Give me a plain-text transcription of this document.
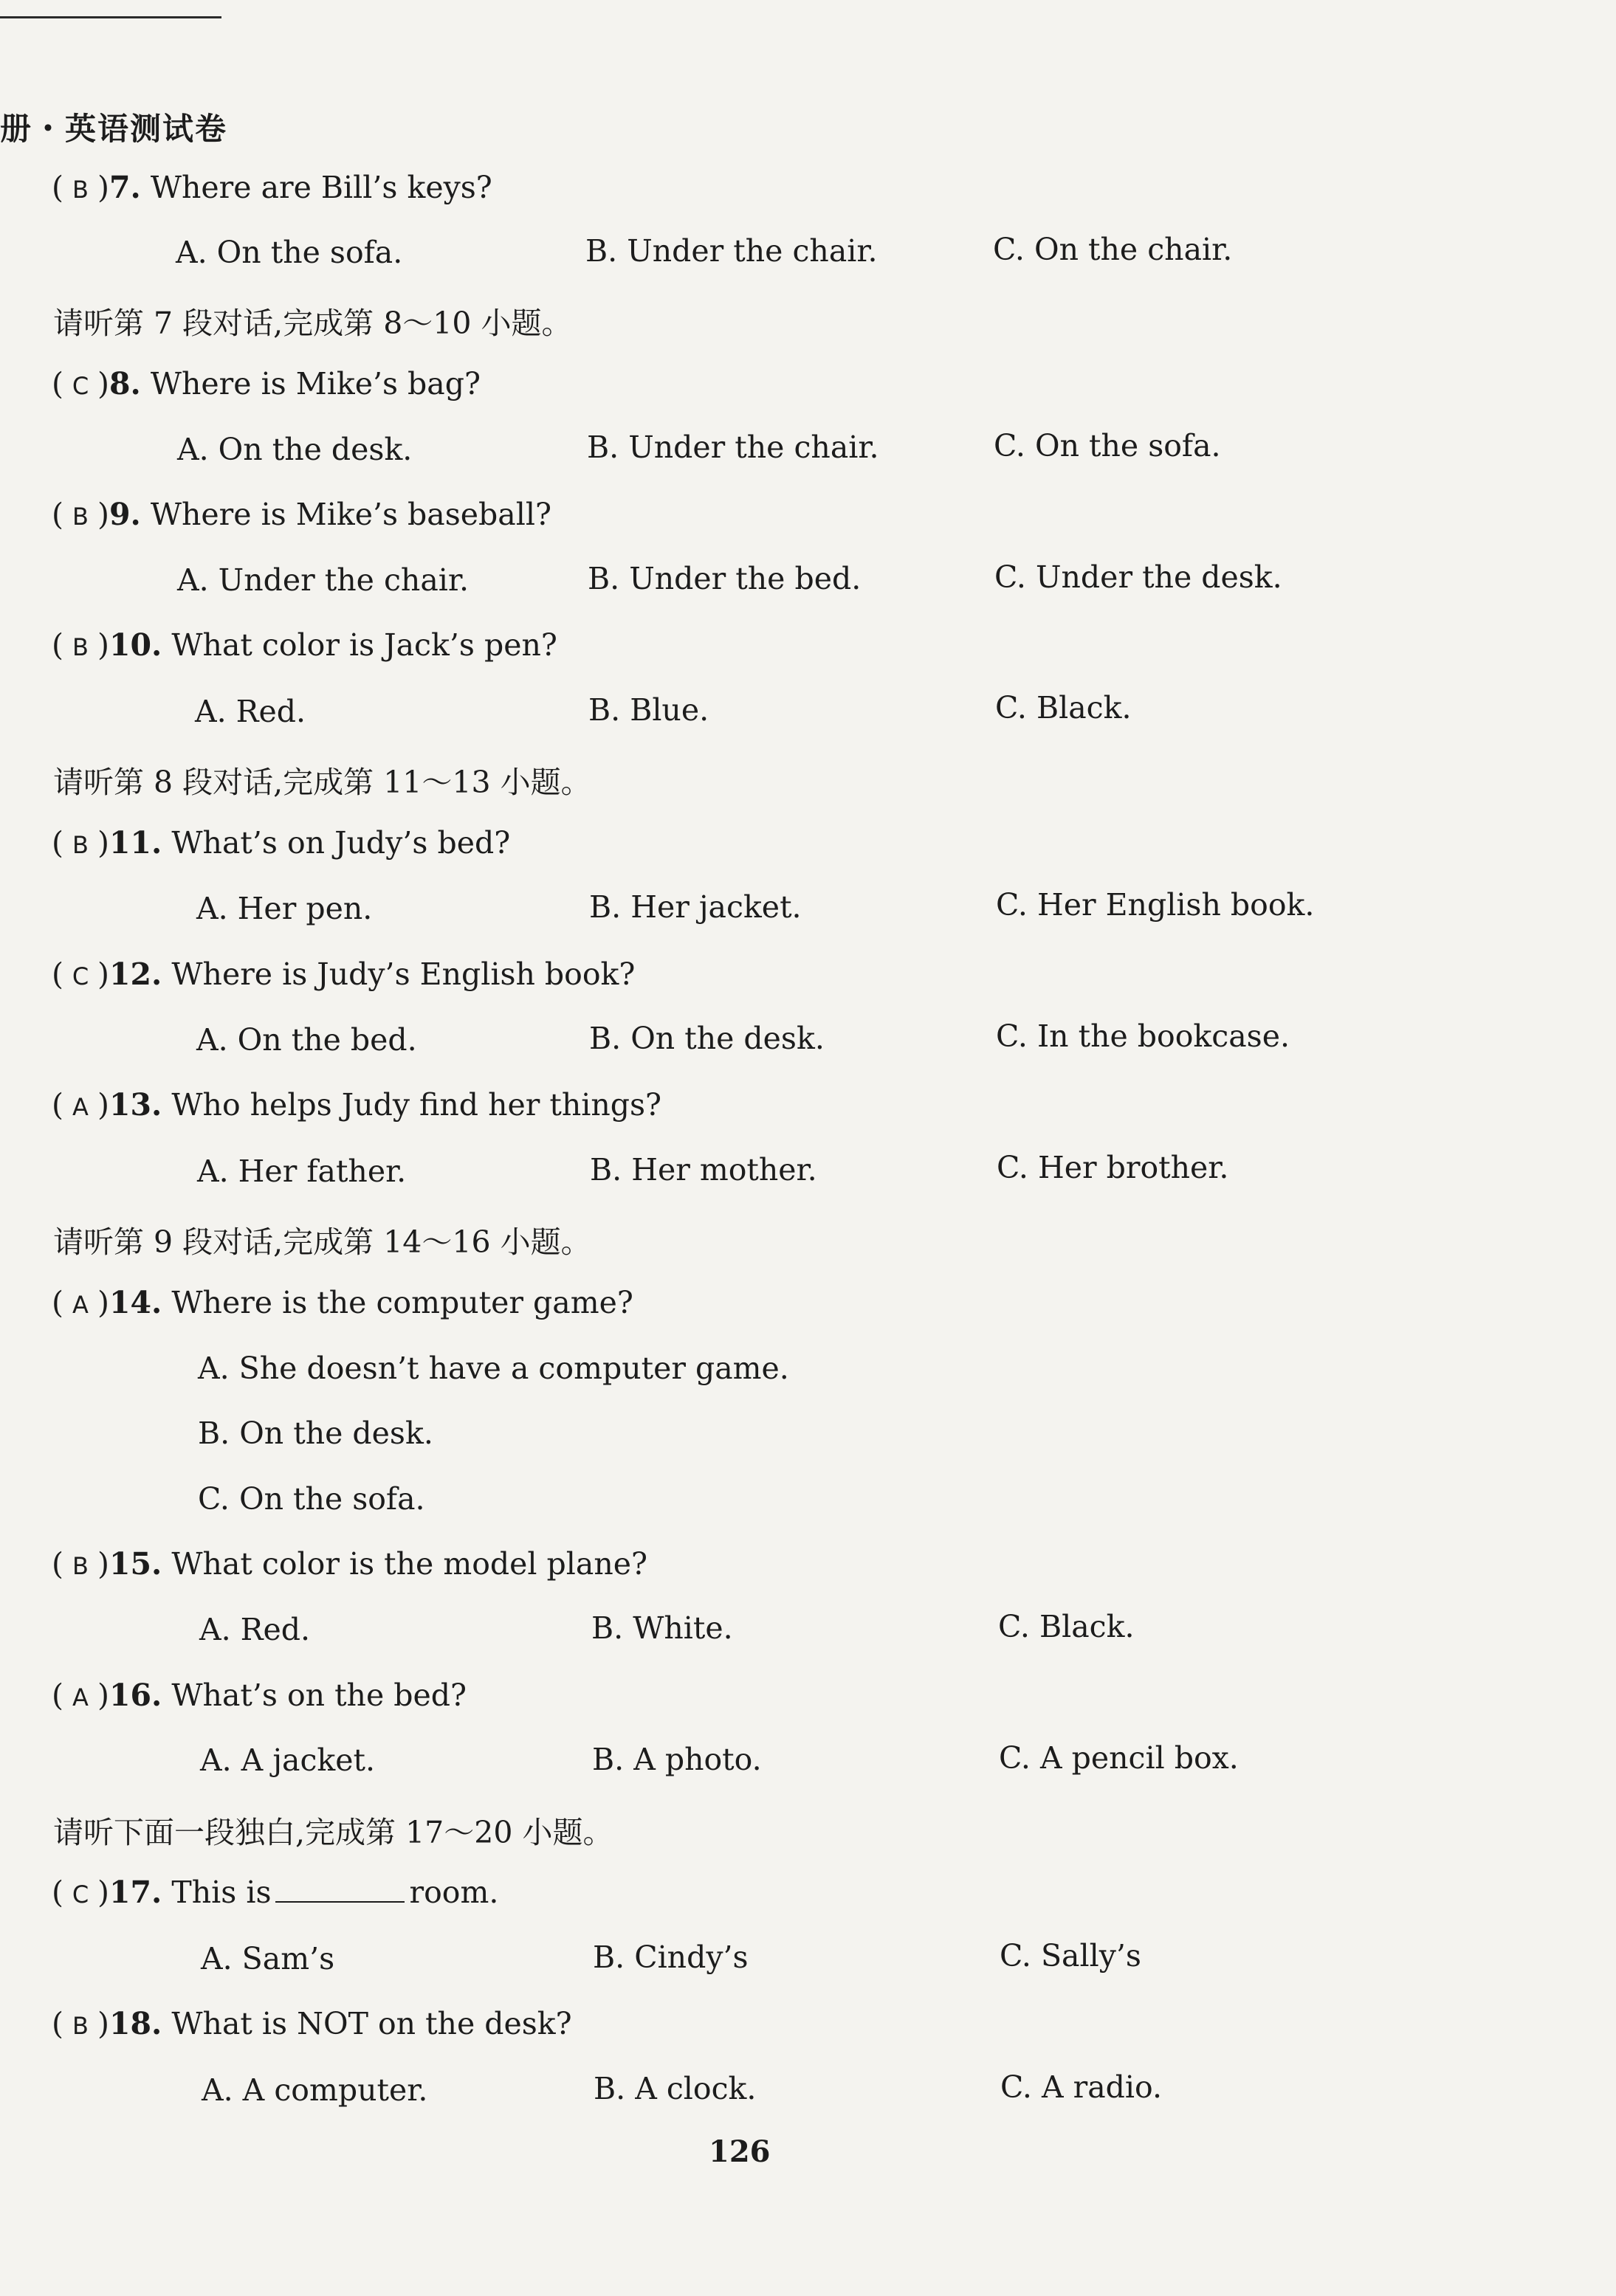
册・英语测试卷
( B )7. Where are Bill’s keys?
A. On the sofa.	B. Under the chair.	C. On the chair.
请听第 7 段对话,完成第 8～10 小题。
( C )8. Where is Mike’s bag?
A. On the desk.	B. Under the chair.	C. On the sofa.
( B )9. Where is Mike’s baseball?
A. Under the chair.	B. Under the bed.	C. Under the desk.
( B )10. What color is Jack’s pen?
A. Red.	B. Blue.	C. Black.
请听第 8 段对话,完成第 11～13 小题。
( B )11. What’s on Judy’s bed?
A. Her pen.	B. Her jacket.	C. Her English book.
( C )12. Where is Judy’s English book?
A. On the bed.	B. On the desk.	C. In the bookcase.
( A )13. Who helps Judy find her things?
A. Her father.	B. Her mother.	C. Her brother.
请听第 9 段对话,完成第 14～16 小题。
( A )14. Where is the computer game?
A. She doesn’t have a computer game.
B. On the desk.
C. On the sofa.
( B )15. What color is the model plane?
A. Red.	B. White.	C. Black.
( A )16. What’s on the bed?
A. A jacket.	B. A photo.	C. A pencil box.
请听下面一段独白,完成第 17～20 小题。
( C )17. This is	room.
A. Sam’s	B. Cindy’s	C. Sally’s
( B )18. What is NOT on the desk?
A. A computer.	B. A clock.	C. A radio.
126
